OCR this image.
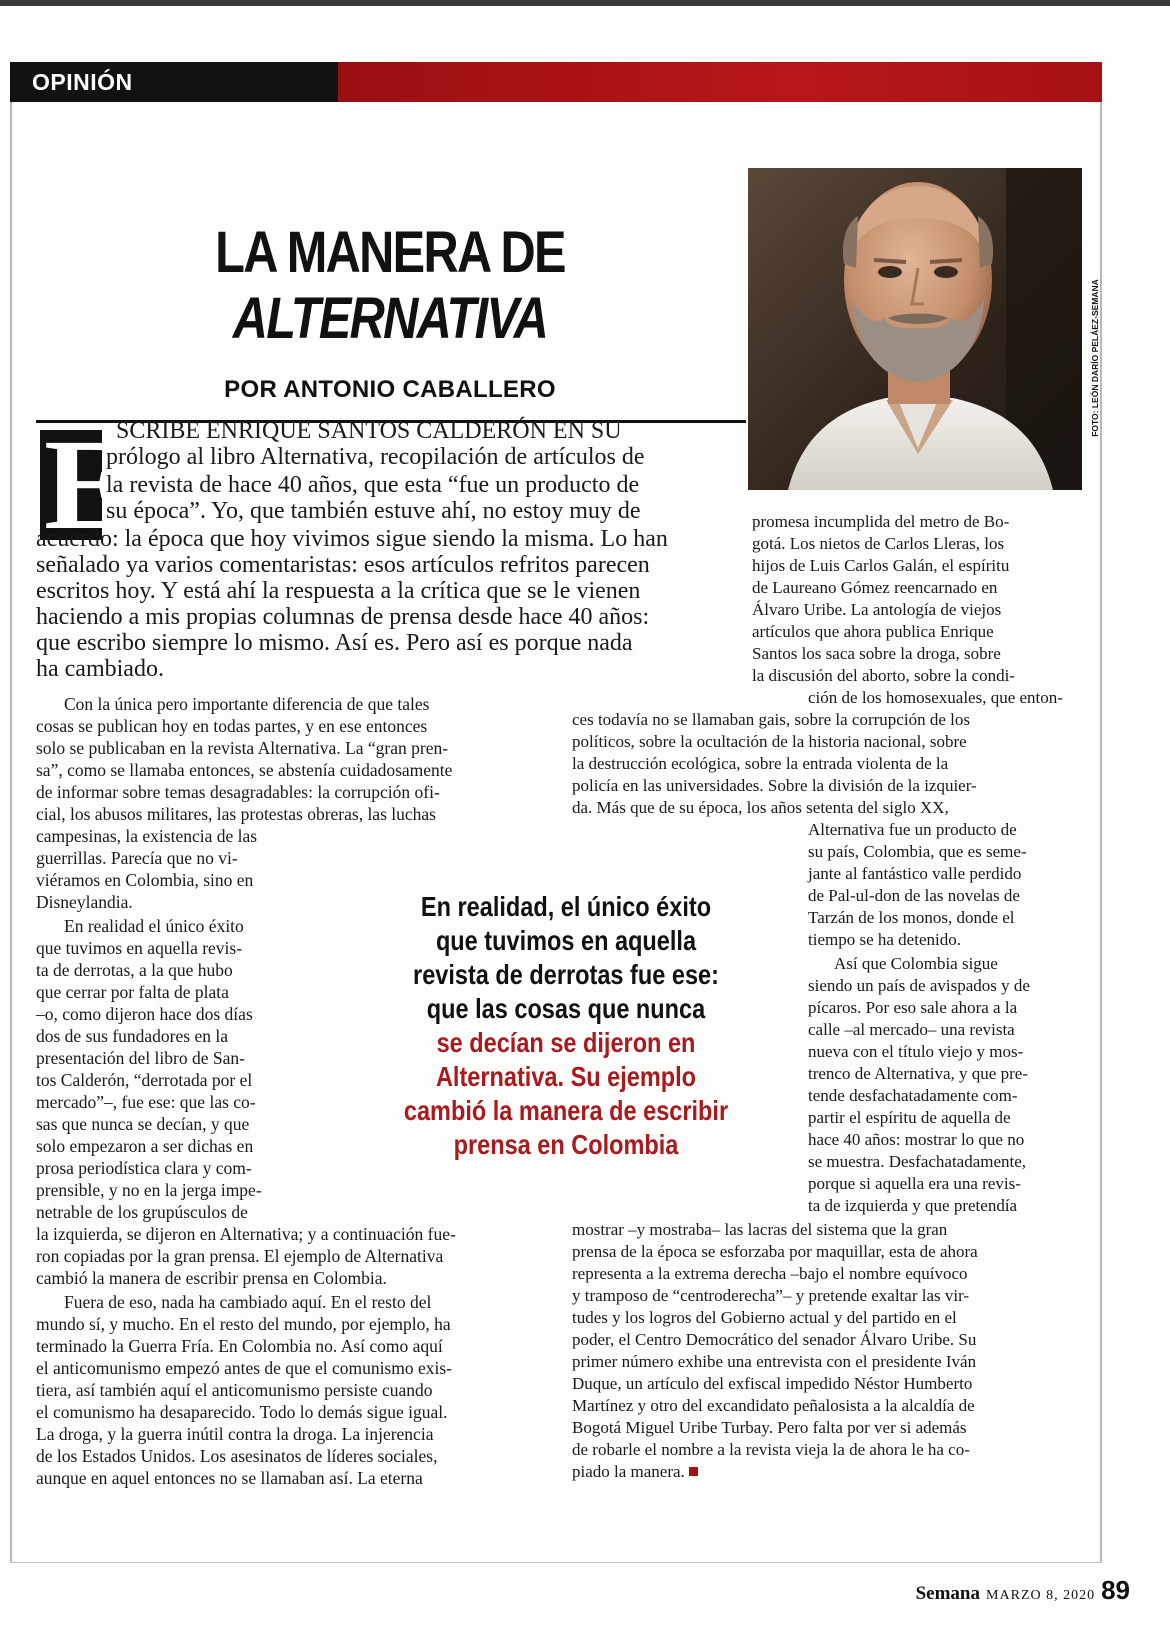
OPINIÓN
LA MANERA DE
ALTERNATIVA
POR ANTONIO CABALLERO	FOTO: LEÓN DARÍO PELÁEZ-SEMANA
E
SCRIBE ENRIQUE SANTOS CALDERÓN EN SU
prólogo al libro Alternativa, recopilación de artículos de
la revista de hace 40 años, que esta “fue un producto de
su época”. Yo, que también estuve ahí, no estoy muy de
acuerdo: la época que hoy vivimos sigue siendo la misma. Lo han
señalado ya varios comentaristas: esos artículos refritos parecen
escritos hoy. Y está ahí la respuesta a la crítica que se le vienen
haciendo a mis propias columnas de prensa desde hace 40 años:
que escribo siempre lo mismo. Así es. Pero así es porque nada
ha cambiado.
Con la única pero importante diferencia de que tales
cosas se publican hoy en todas partes, y en ese entonces
solo se publicaban en la revista Alternativa. La “gran pren-
sa”, como se llamaba entonces, se abstenía cuidadosamente
de informar sobre temas desagradables: la corrupción ofi-
cial, los abusos militares, las protestas obreras, las luchas
campesinas, la existencia de las
guerrillas. Parecía que no vi-
viéramos en Colombia, sino en
Disneylandia.
En realidad el único éxito
que tuvimos en aquella revis-
ta de derrotas, a la que hubo
que cerrar por falta de plata
–o, como dijeron hace dos días
dos de sus fundadores en la
presentación del libro de San-
tos Calderón, “derrotada por el
mercado”–, fue ese: que las co-
sas que nunca se decían, y que
solo empezaron a ser dichas en
prosa periodística clara y com-
prensible, y no en la jerga impe-
netrable de los grupúsculos de
la izquierda, se dijeron en Alternativa; y a continuación fue-
ron copiadas por la gran prensa. El ejemplo de Alternativa
cambió la manera de escribir prensa en Colombia.
Fuera de eso, nada ha cambiado aquí. En el resto del
mundo sí, y mucho. En el resto del mundo, por ejemplo, ha
terminado la Guerra Fría. En Colombia no. Así como aquí
el anticomunismo empezó antes de que el comunismo exis-
tiera, así también aquí el anticomunismo persiste cuando
el comunismo ha desaparecido. Todo lo demás sigue igual.
La droga, y la guerra inútil contra la droga. La injerencia
de los Estados Unidos. Los asesinatos de líderes sociales,
aunque en aquel entonces no se llamaban así. La eterna
promesa incumplida del metro de Bo-
gotá. Los nietos de Carlos Lleras, los
hijos de Luis Carlos Galán, el espíritu
de Laureano Gómez reencarnado en
Álvaro Uribe. La antología de viejos
artículos que ahora publica Enrique
Santos los saca sobre la droga, sobre
la discusión del aborto, sobre la condi-
ción de los homosexuales, que enton-
ces todavía no se llamaban gais, sobre la corrupción de los
políticos, sobre la ocultación de la historia nacional, sobre
la destrucción ecológica, sobre la entrada violenta de la
policía en las universidades. Sobre la división de la izquier-
da. Más que de su época, los años setenta del siglo XX,
Alternativa fue un producto de
su país, Colombia, que es seme-
jante al fantástico valle perdido
de Pal-ul-don de las novelas de
Tarzán de los monos, donde el
tiempo se ha detenido.
Así que Colombia sigue
siendo un país de avispados y de
pícaros. Por eso sale ahora a la
calle –al mercado– una revista
nueva con el título viejo y mos-
trenco de Alternativa, y que pre-
tende desfachatadamente com-
partir el espíritu de aquella de
hace 40 años: mostrar lo que no
se muestra. Desfachatadamente,
porque si aquella era una revis-
ta de izquierda y que pretendía
mostrar –y mostraba– las lacras del sistema que la gran
prensa de la época se esforzaba por maquillar, esta de ahora
representa a la extrema derecha –bajo el nombre equívoco
y tramposo de “centroderecha”– y pretende exaltar las vir-
tudes y los logros del Gobierno actual y del partido en el
poder, el Centro Democrático del senador Álvaro Uribe. Su
primer número exhibe una entrevista con el presidente Iván
Duque, un artículo del exfiscal impedido Néstor Humberto
Martínez y otro del excandidato peñalosista a la alcaldía de
Bogotá Miguel Uribe Turbay. Pero falta por ver si además
de robarle el nombre a la revista vieja la de ahora le ha co-
piado la manera.
En realidad, el único éxito
que tuvimos en aquella
revista de derrotas fue ese:
que las cosas que nunca
se decían se dijeron en
Alternativa. Su ejemplo
cambió la manera de escribir
prensa en Colombia
Semana MARZO 8, 2020 89
